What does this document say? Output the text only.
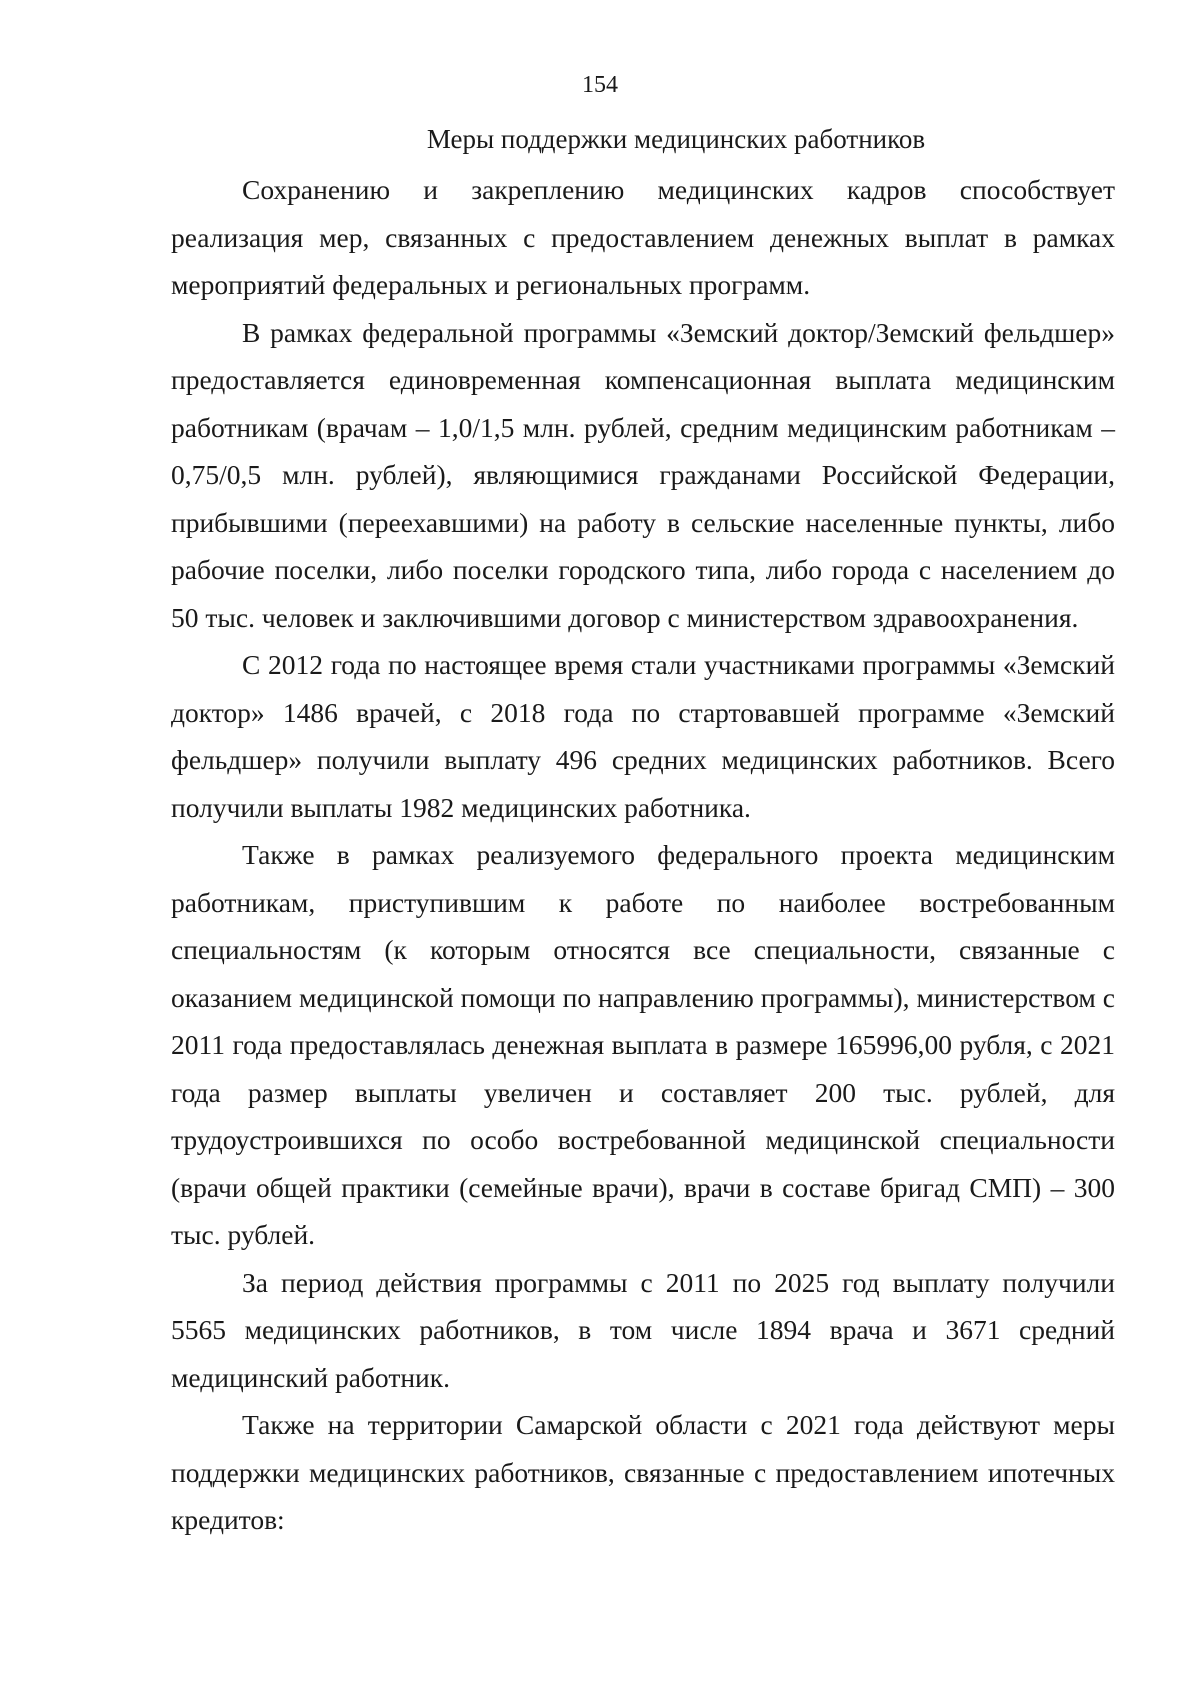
154
Меры поддержки медицинских работников

Сохранению и закреплению медицинских кадров способствует реализация мер, связанных с предоставлением денежных выплат в рамках мероприятий федеральных и региональных программ.

В рамках федеральной программы «Земский доктор/Земский фельдшер» предоставляется единовременная компенсационная выплата медицинским работникам (врачам – 1,0/1,5 млн. рублей, средним медицинским работникам – 0,75/0,5 млн. рублей), являющимися гражданами Российской Федерации, прибывшими (переехавшими) на работу в сельские населенные пункты, либо рабочие поселки, либо поселки городского типа, либо города с населением до 50 тыс. человек и заключившими договор с министерством здравоохранения.

С 2012 года по настоящее время стали участниками программы «Земский доктор» 1486 врачей, с 2018 года по стартовавшей программе «Земский фельдшер» получили выплату 496 средних медицинских работников. Всего получили выплаты 1982 медицинских работника.

Также в рамках реализуемого федерального проекта медицинским работникам, приступившим к работе по наиболее востребованным специальностям (к которым относятся все специальности, связанные с оказанием медицинской помощи по направлению программы), министерством с 2011 года предоставлялась денежная выплата в размере 165996,00 рубля, с 2021 года размер выплаты увеличен и составляет 200 тыс. рублей, для трудоустроившихся по особо востребованной медицинской специальности (врачи общей практики (семейные врачи), врачи в составе бригад СМП) – 300 тыс. рублей.

За период действия программы с 2011 по 2025 год выплату получили 5565 медицинских работников, в том числе 1894 врача и 3671 средний медицинский работник.

Также на территории Самарской области с 2021 года действуют меры поддержки медицинских работников, связанные с предоставлением ипотечных кредитов:
